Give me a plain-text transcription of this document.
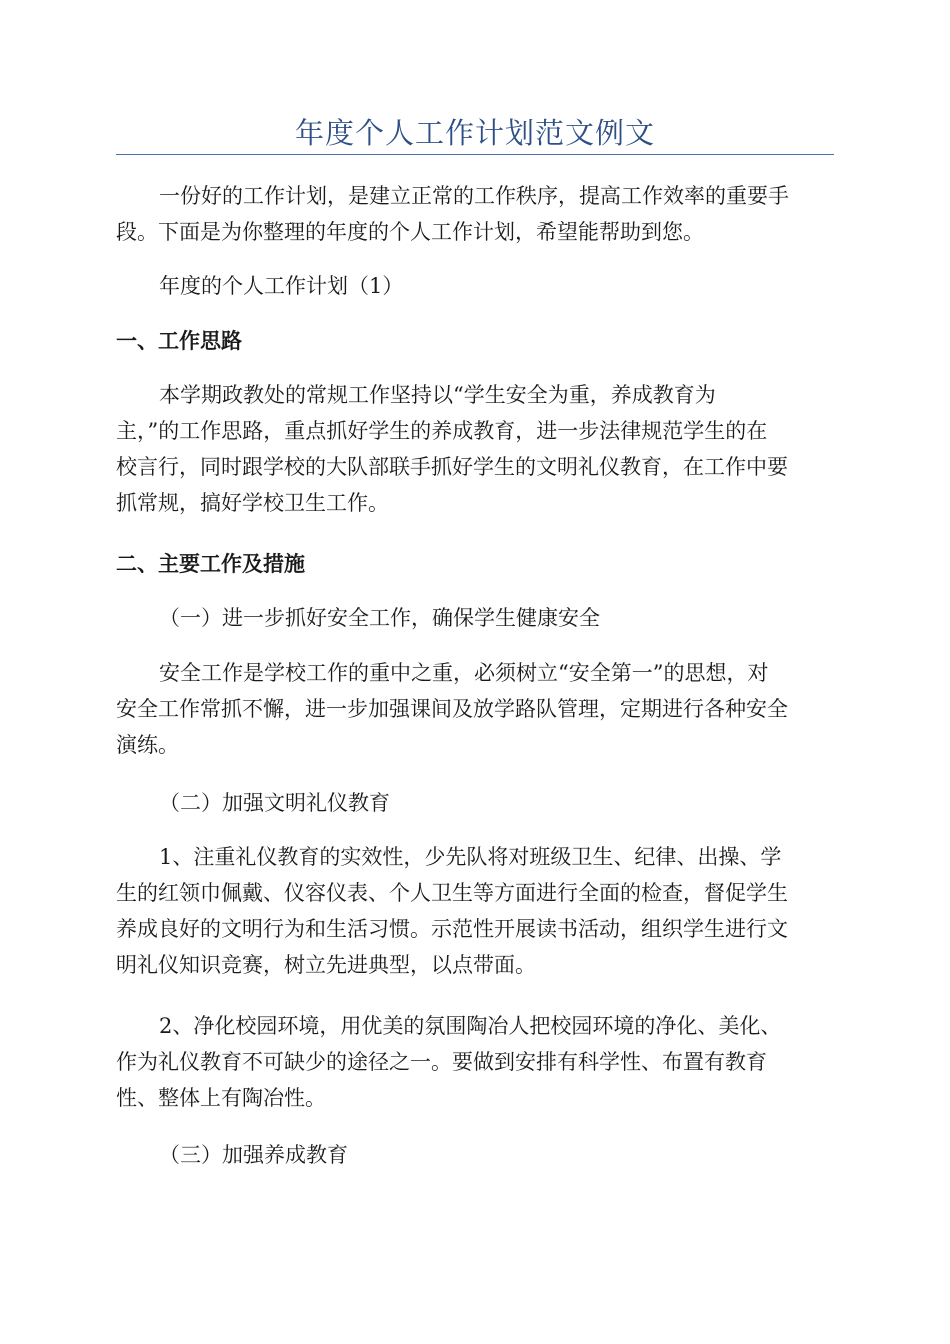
年度个人工作计划范文例文

一份好的工作计划，是建立正常的工作秩序，提高工作效率的重要手
段。下面是为你整理的年度的个人工作计划，希望能帮助到您。

年度的个人工作计划（1）

一、工作思路

本学期政教处的常规工作坚持以“学生安全为重，养成教育为
主，”的工作思路，重点抓好学生的养成教育，进一步法律规范学生的在
校言行，同时跟学校的大队部联手抓好学生的文明礼仪教育，在工作中要
抓常规，搞好学校卫生工作。

二、主要工作及措施

（一）进一步抓好安全工作，确保学生健康安全

安全工作是学校工作的重中之重，必须树立“安全第一”的思想，对
安全工作常抓不懈，进一步加强课间及放学路队管理，定期进行各种安全
演练。

（二）加强文明礼仪教育

1、注重礼仪教育的实效性，少先队将对班级卫生、纪律、出操、学
生的红领巾佩戴、仪容仪表、个人卫生等方面进行全面的检查，督促学生
养成良好的文明行为和生活习惯。示范性开展读书活动，组织学生进行文
明礼仪知识竞赛，树立先进典型，以点带面。

2、净化校园环境，用优美的氛围陶冶人把校园环境的净化、美化、
作为礼仪教育不可缺少的途径之一。要做到安排有科学性、布置有教育
性、整体上有陶冶性。

（三）加强养成教育
